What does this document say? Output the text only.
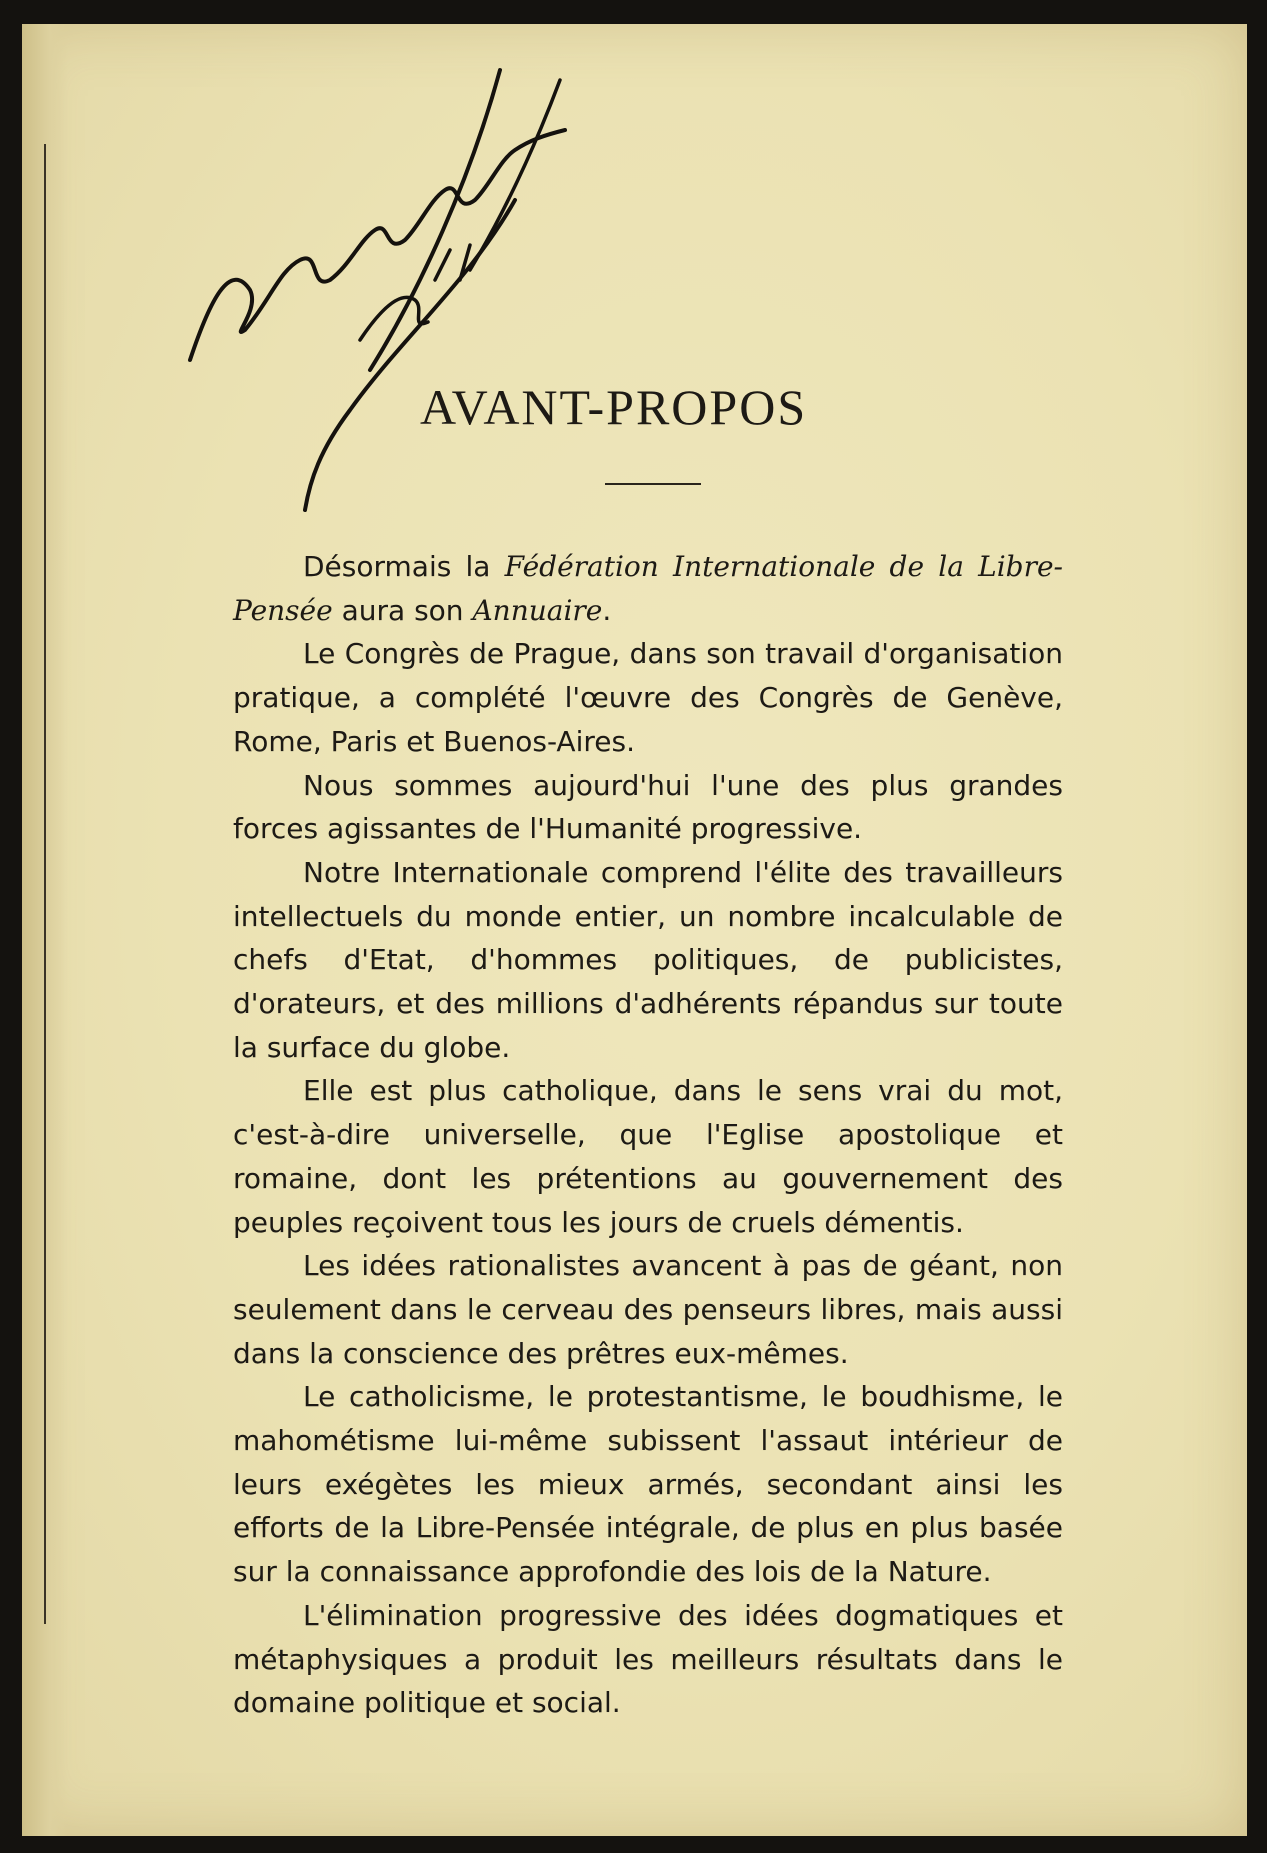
AVANT-PROPOS

Désormais la Fédération Internationale de la Libre-Pensée aura son Annuaire.

Le Congrès de Prague, dans son travail d'organisation pratique, a complété l'œuvre des Congrès de Genève, Rome, Paris et Buenos-Aires.

Nous sommes aujourd'hui l'une des plus grandes forces agissantes de l'Humanité progressive.

Notre Internationale comprend l'élite des travailleurs intellectuels du monde entier, un nombre incalculable de chefs d'Etat, d'hommes politiques, de publicistes, d'orateurs, et des millions d'adhérents répandus sur toute la surface du globe.

Elle est plus catholique, dans le sens vrai du mot, c'est-à-dire universelle, que l'Eglise apostolique et romaine, dont les prétentions au gouvernement des peuples reçoivent tous les jours de cruels démentis.

Les idées rationalistes avancent à pas de géant, non seulement dans le cerveau des penseurs libres, mais aussi dans la conscience des prêtres eux-mêmes.

Le catholicisme, le protestantisme, le boudhisme, le mahométisme lui-même subissent l'assaut intérieur de leurs exégètes les mieux armés, secondant ainsi les efforts de la Libre-Pensée intégrale, de plus en plus basée sur la connaissance approfondie des lois de la Nature.

L'élimination progressive des idées dogmatiques et métaphysiques a produit les meilleurs résultats dans le domaine politique et social.
